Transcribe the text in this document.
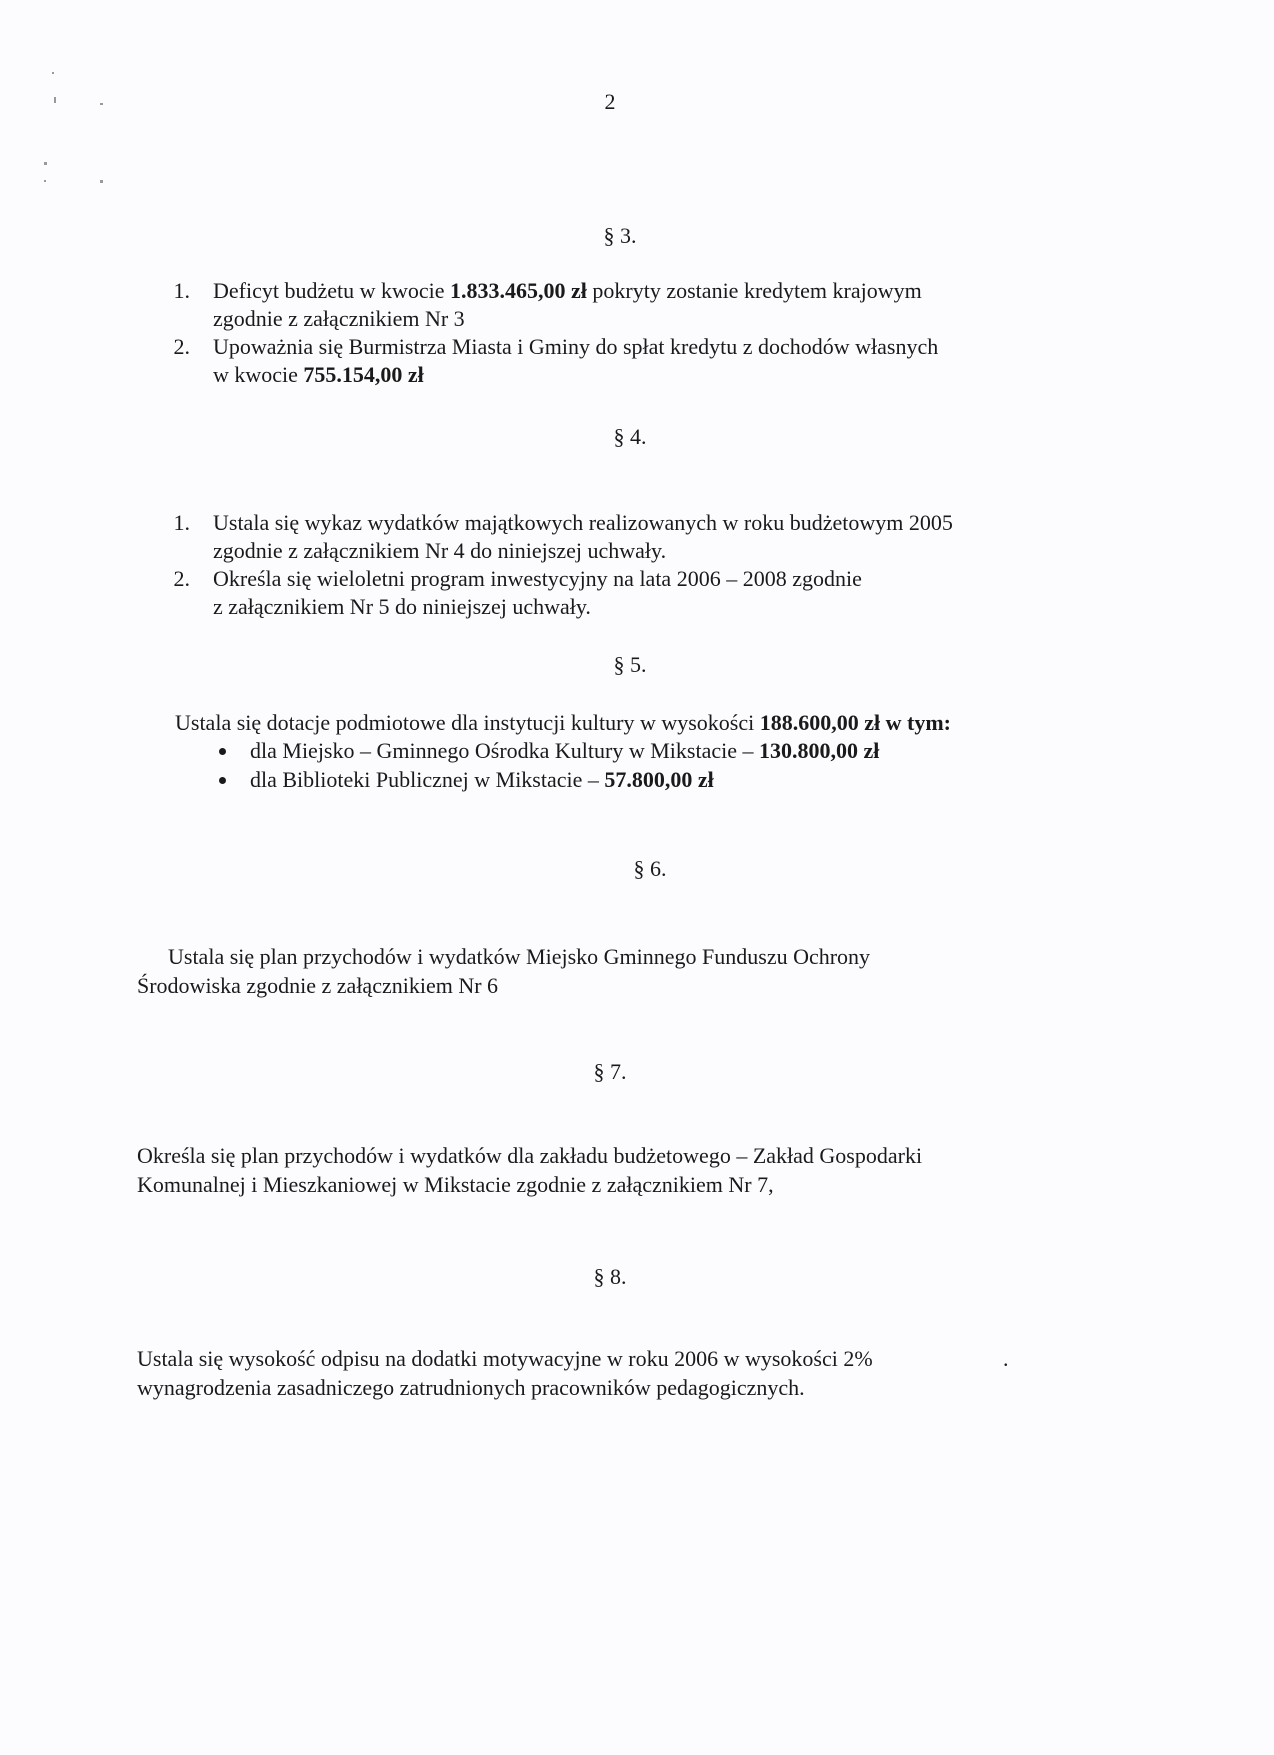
2
§ 3.
1. Deficyt budżetu w kwocie 1.833.465,00 zł pokryty zostanie kredytem krajowym
zgodnie z załącznikiem Nr 3
2. Upoważnia się Burmistrza Miasta i Gminy do spłat kredytu z dochodów własnych
w kwocie 755.154,00 zł
§ 4.
1. Ustala się wykaz wydatków majątkowych realizowanych w roku budżetowym 2005
zgodnie z załącznikiem Nr 4 do niniejszej uchwały.
2. Określa się wieloletni program inwestycyjny na lata 2006 – 2008 zgodnie
z załącznikiem Nr 5 do niniejszej uchwały.
§ 5.
Ustala się dotacje podmiotowe dla instytucji kultury w wysokości 188.600,00 zł w tym:
dla Miejsko – Gminnego Ośrodka Kultury w Mikstacie – 130.800,00 zł
dla Biblioteki Publicznej w Mikstacie – 57.800,00 zł
§ 6.
Ustala się plan przychodów i wydatków Miejsko Gminnego Funduszu Ochrony
Środowiska zgodnie z załącznikiem Nr 6
§ 7.
Określa się plan przychodów i wydatków dla zakładu budżetowego – Zakład Gospodarki
Komunalnej i Mieszkaniowej w Mikstacie zgodnie z załącznikiem Nr 7,
§ 8.
Ustala się wysokość odpisu na dodatki motywacyjne w roku 2006 w wysokości 2%	.
wynagrodzenia zasadniczego zatrudnionych pracowników pedagogicznych.
